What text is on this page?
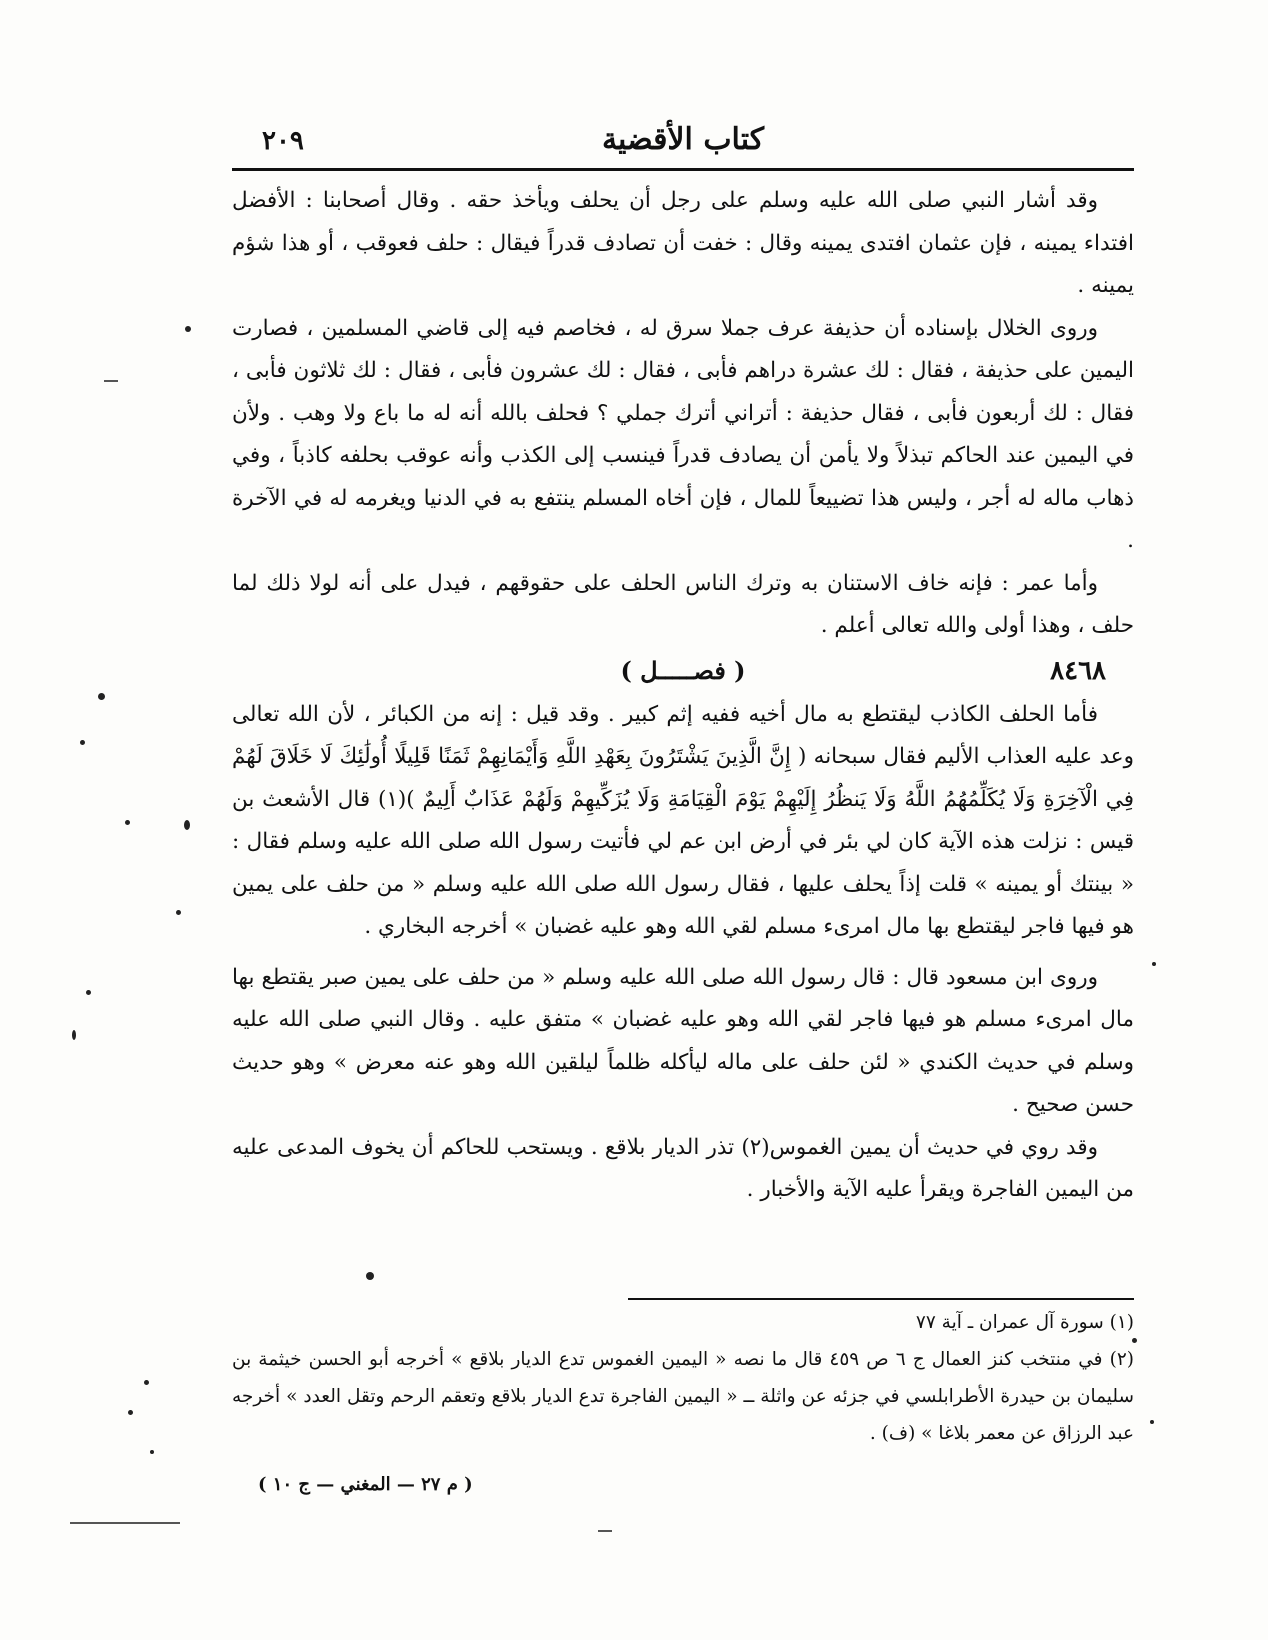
كتاب الأقضية
٢٠٩

وقد أشار النبي صلى الله عليه وسلم على رجل أن يحلف ويأخذ حقه . وقال أصحابنا : الأفضل افتداء يمينه ، فإن عثمان افتدى يمينه وقال : خفت أن تصادف قدراً فيقال : حلف فعوقب ، أو هذا شؤم يمينه .

وروى الخلال بإسناده أن حذيفة عرف جملا سرق له ، فخاصم فيه إلى قاضي المسلمين ، فصارت اليمين على حذيفة ، فقال : لك عشرة دراهم فأبى ، فقال : لك عشرون فأبى ، فقال : لك ثلاثون فأبى ، فقال : لك أربعون فأبى ، فقال حذيفة : أتراني أترك جملي ؟ فحلف بالله أنه له ما باع ولا وهب . ولأن في اليمين عند الحاكم تبذلاً ولا يأمن أن يصادف قدراً فينسب إلى الكذب وأنه عوقب بحلفه كاذباً ، وفي ذهاب ماله له أجر ، وليس هذا تضييعاً للمال ، فإن أخاه المسلم ينتفع به في الدنيا ويغرمه له في الآخرة .

وأما عمر : فإنه خاف الاستنان به وترك الناس الحلف على حقوقهم ، فيدل على أنه لولا ذلك لما حلف ، وهذا أولى والله تعالى أعلم .

٨٤٦٨
( فصـــــل )

فأما الحلف الكاذب ليقتطع به مال أخيه ففيه إثم كبير . وقد قيل : إنه من الكبائر ، لأن الله تعالى وعد عليه العذاب الأليم فقال سبحانه ( إِنَّ الَّذِينَ يَشْتَرُونَ بِعَهْدِ اللَّهِ وَأَيْمَانِهِمْ ثَمَنًا قَلِيلًا أُولَٰئِكَ لَا خَلَاقَ لَهُمْ فِي الْآخِرَةِ وَلَا يُكَلِّمُهُمُ اللَّهُ وَلَا يَنظُرُ إِلَيْهِمْ يَوْمَ الْقِيَامَةِ وَلَا يُزَكِّيهِمْ وَلَهُمْ عَذَابٌ أَلِيمٌ )(١) قال الأشعث بن قيس : نزلت هذه الآية كان لي بئر في أرض ابن عم لي فأتيت رسول الله صلى الله عليه وسلم فقال : « بينتك أو يمينه » قلت إذاً يحلف عليها ، فقال رسول الله صلى الله عليه وسلم « من حلف على يمين هو فيها فاجر ليقتطع بها مال امرىء مسلم لقي الله وهو عليه غضبان » أخرجه البخاري .

وروى ابن مسعود قال : قال رسول الله صلى الله عليه وسلم « من حلف على يمين صبر يقتطع بها مال امرىء مسلم هو فيها فاجر لقي الله وهو عليه غضبان » متفق عليه . وقال النبي صلى الله عليه وسلم في حديث الكندي « لئن حلف على ماله ليأكله ظلماً ليلقين الله وهو عنه معرض » وهو حديث حسن صحيح .

وقد روي في حديث أن يمين الغموس(٢) تذر الديار بلاقع . ويستحب للحاكم أن يخوف المدعى عليه من اليمين الفاجرة ويقرأ عليه الآية والأخبار .

(١) سورة آل عمران ـ آية ٧٧

(٢) في منتخب كنز العمال ج ٦ ص ٤٥٩ قال ما نصه « اليمين الغموس تدع الديار بلاقع » أخرجه أبو الحسن خيثمة بن سليمان بن حيدرة الأطرابلسي في جزئه عن واثلة ــ « اليمين الفاجرة تدع الديار بلاقع وتعقم الرحم وتقل العدد » أخرجه عبد الرزاق عن معمر بلاغا » (ف) .

( م ٢٧ — المغني — ج ١٠ )
